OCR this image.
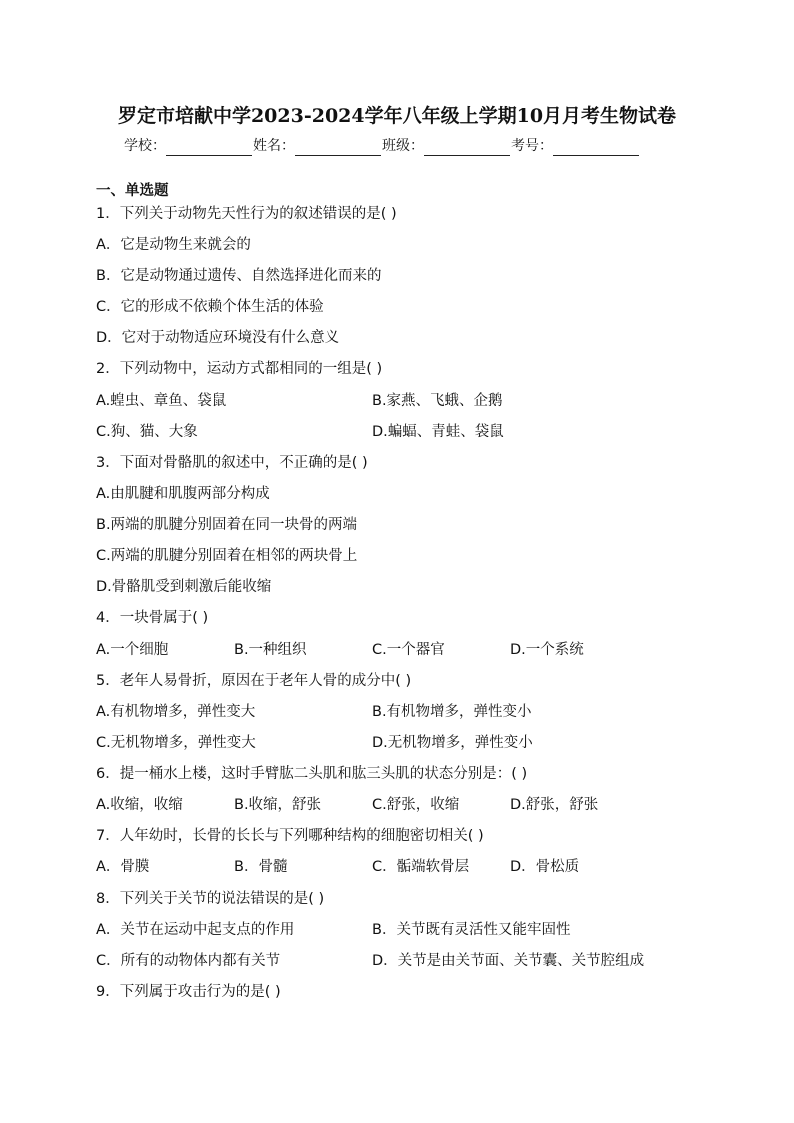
罗定市培献中学2023-2024学年八年级上学期10月月考生物试卷
学校：	姓名：	班级：	考号：
一、单选题
1．下列关于动物先天性行为的叙述错误的是( )
A．它是动物生来就会的
B．它是动物通过遗传、自然选择进化而来的
C．它的形成不依赖个体生活的体验
D．它对于动物适应环境没有什么意义
2．下列动物中，运动方式都相同的一组是( )
A.蝗虫、章鱼、袋鼠	B.家燕、飞蛾、企鹅
C.狗、猫、大象	D.蝙蝠、青蛙、袋鼠
3．下面对骨骼肌的叙述中，不正确的是( )
A.由肌腱和肌腹两部分构成
B.两端的肌腱分别固着在同一块骨的两端
C.两端的肌腱分别固着在相邻的两块骨上
D.骨骼肌受到刺激后能收缩
4．一块骨属于( )
A.一个细胞	B.一种组织	C.一个器官	D.一个系统
5．老年人易骨折，原因在于老年人骨的成分中( )
A.有机物增多，弹性变大	B.有机物增多，弹性变小
C.无机物增多，弹性变大	D.无机物增多，弹性变小
6．提一桶水上楼，这时手臂肱二头肌和肱三头肌的状态分别是：( )
A.收缩，收缩	B.收缩，舒张	C.舒张，收缩	D.舒张，舒张
7．人年幼时，长骨的长长与下列哪种结构的细胞密切相关( )
A．骨膜	B．骨髓	C．骺端软骨层	D．骨松质
8．下列关于关节的说法错误的是( )
A．关节在运动中起支点的作用	B．关节既有灵活性又能牢固性
C．所有的动物体内都有关节	D．关节是由关节面、关节囊、关节腔组成
9．下列属于攻击行为的是( )
